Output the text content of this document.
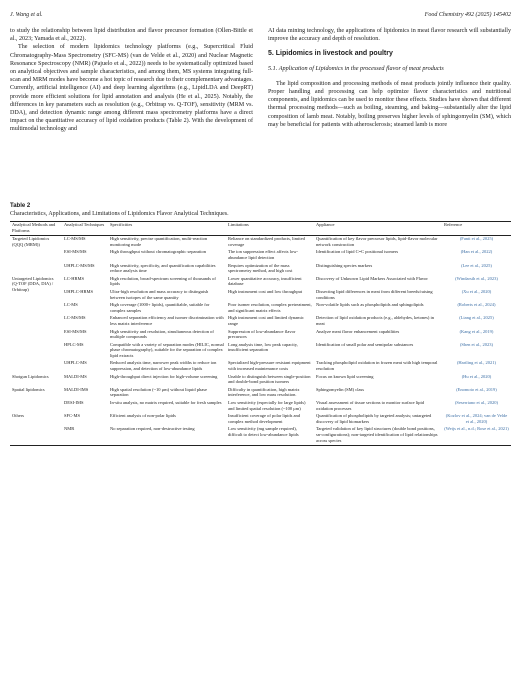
J. Wang et al.	Food Chemistry 492 (2025) 145402

to study the relationship between lipid distribution and flavor precursor formation (Ollen-Bittle et al., 2023; Yamada et al., 2022).

The selection of modern lipidomics technology platforms (e.g., Supercritical Fluid Chromatography-Mass Spectrometry (SFC-MS) (van de Velde et al., 2020) and Nuclear Magnetic Resonance Spectroscopy (NMR) (Pajuelo et al., 2022)) needs to be systematically optimized based on analytical objectives and sample characteristics, and among them, MS systems integrating full-scan and MRM modes have become a hot topic of research due to their complementary advantages. Currently, artificial intelligence (AI) and deep learning algorithms (e.g., LipidLDA and DeepRT) provide more efficient solutions for lipid annotation and analysis (He et al., 2025). Notably, the differences in key parameters such as resolution (e.g., Orbitrap vs. Q-TOF), sensitivity (MRM vs. DDA), and detection dynamic range among different mass spectrometry platforms have a direct impact on the quantitative accuracy of lipid oxidation products (Table 2). With the development of multimodal technology and

AI data mining technology, the applications of lipidomics in meat flavor research will substantially improve the accuracy and depth of resolution.

5. Lipidomics in livestock and poultry
5.1. Application of Lipidomics in the processed flavor of meat products

The lipid composition and processing methods of meat products jointly influence their quality. Proper handling and processing can help optimize flavor characteristics and nutritional components, and lipidomics can be used to monitor these effects. Studies have shown that different thermal processing methods—such as boiling, steaming, and baking—substantially alter the lipid composition of lamb meat. Notably, boiling preserves higher levels of sphingomyelin (SM), which may be beneficial for patients with atherosclerosis; steamed lamb is more

Table 2
Characteristics, Applications, and Limitations of Lipidomics Flavor Analytical Techniques.
Analytical Methods and Platforms	Analytical Techniques	Specificities	Limitations	Appliance	Reference
Targeted Lipidomics (QQQ (MRM))	LC-MS/MS	High sensitivity, precise quantification, multi-reaction monitoring mode	Reliance on standardized products, limited coverage	Quantification of key flavor precursor lipids, lipid-flavor molecular network construction	(Fanti et al., 2025)
	ESI-MS/MS	High throughput without chromatographic separation	The ion suppression effect affects low-abundance lipid detection	Identification of lipid C=C positional isomers	(Han et al., 2022)
	UHPLC-MS/MS	High sensitivity, specificity, and quantification capabilities reduce analysis time	Requires optimization of the mass spectrometry method, and high cost	Distinguishing species markers	(Lee et al., 2025)
Untargeted Lipidomics (Q-TOF (DDA, DIA) / Orbitrap)	LC-HRMS	High resolution, broad-spectrum screening of thousands of lipids	Lower quantitative accuracy, insufficient database	Discovery of Unknown Lipid Markers Associated with Flavor	(Windarsih et al., 2023)
	UHPLC-HRMS	Ultra-high resolution and mass accuracy to distinguish between isotopes of the same quantity	High instrument cost and low throughput	Dissecting lipid differences in meat from different breeds/raising conditions	(Xu et al., 2020)
	LC-MS	High coverage (1000+ lipids), quantifiable, suitable for complex samples	Poor isomer resolution, complex pretreatment, and significant matrix effects	Non-volatile lipids such as phospholipids and sphingolipids	(Roberts et al., 2024)
	LC-MS/MS	Enhanced separation efficiency and isomer discrimination with less matrix interference	High instrument cost and limited dynamic range	Detection of lipid oxidation products (e.g., aldehydes, ketones) in meat	(Liang et al., 2025)
	ESI-MS/MS	High sensitivity and resolution, simultaneous detection of multiple compounds	Suppression of low-abundance flavor precursors	Analyze meat flavor enhancement capabilities	(Kang et al., 2019)
	HPLC-MS	Compatible with a variety of separation modes (HILIC, normal phase chromatography), suitable for the separation of complex lipid extracts	Long analysis time, low peak capacity, insufficient separation	Identification of small polar and semipolar substances	(Shen et al., 2023)
	UHPLC-MS	Reduced analysis time, narrower peak widths to reduce ion suppression, and detection of low-abundance lipids	Specialized high-pressure resistant equipment with increased maintenance costs	Tracking phospholipid oxidation in frozen meat with high temporal resolution	(Hartling et al., 2021)
Shotgun Lipidomics	MALDI-MS	High-throughput direct injection for high-volume screening	Unable to distinguish between single-position and double-bond position isomers	Focus on known lipid screening	(Hu et al., 2020)
Spatial lipidomics	MALDI-IMS	High spatial resolution (~10 μm) without liquid phase separation	Difficulty in quantification, high matrix interference, and low mass resolution.	Sphingomyelin (SM) class	(Enomoto et al., 2019)
	DESI-IMS	In-situ analysis, no matrix required, suitable for fresh samples	Low sensitivity (especially for large lipids) and limited spatial resolution (~100 μm)	Visual assessment of tissue sections to monitor surface lipid oxidation processes	(Seserriano et al., 2020)
Others	SFC-MS	Efficient analysis of non-polar lipids	Insufficient coverage of polar lipids and complex method development	Quantification of phospholipids by targeted analysis; untargeted discovery of lipid biomarkers	(Kozlov et al., 2024; van de Velde et al., 2020)
	NMR	No separation required, non-destructive testing	Low sensitivity (mg sample required), difficult to detect low-abundance lipids	Targeted validation of key lipid structures (double bond positions, sn-configurations); non-targeted identification of lipid relationships across species	(Weijs et al., n.d.; Rose et al., 2021)
